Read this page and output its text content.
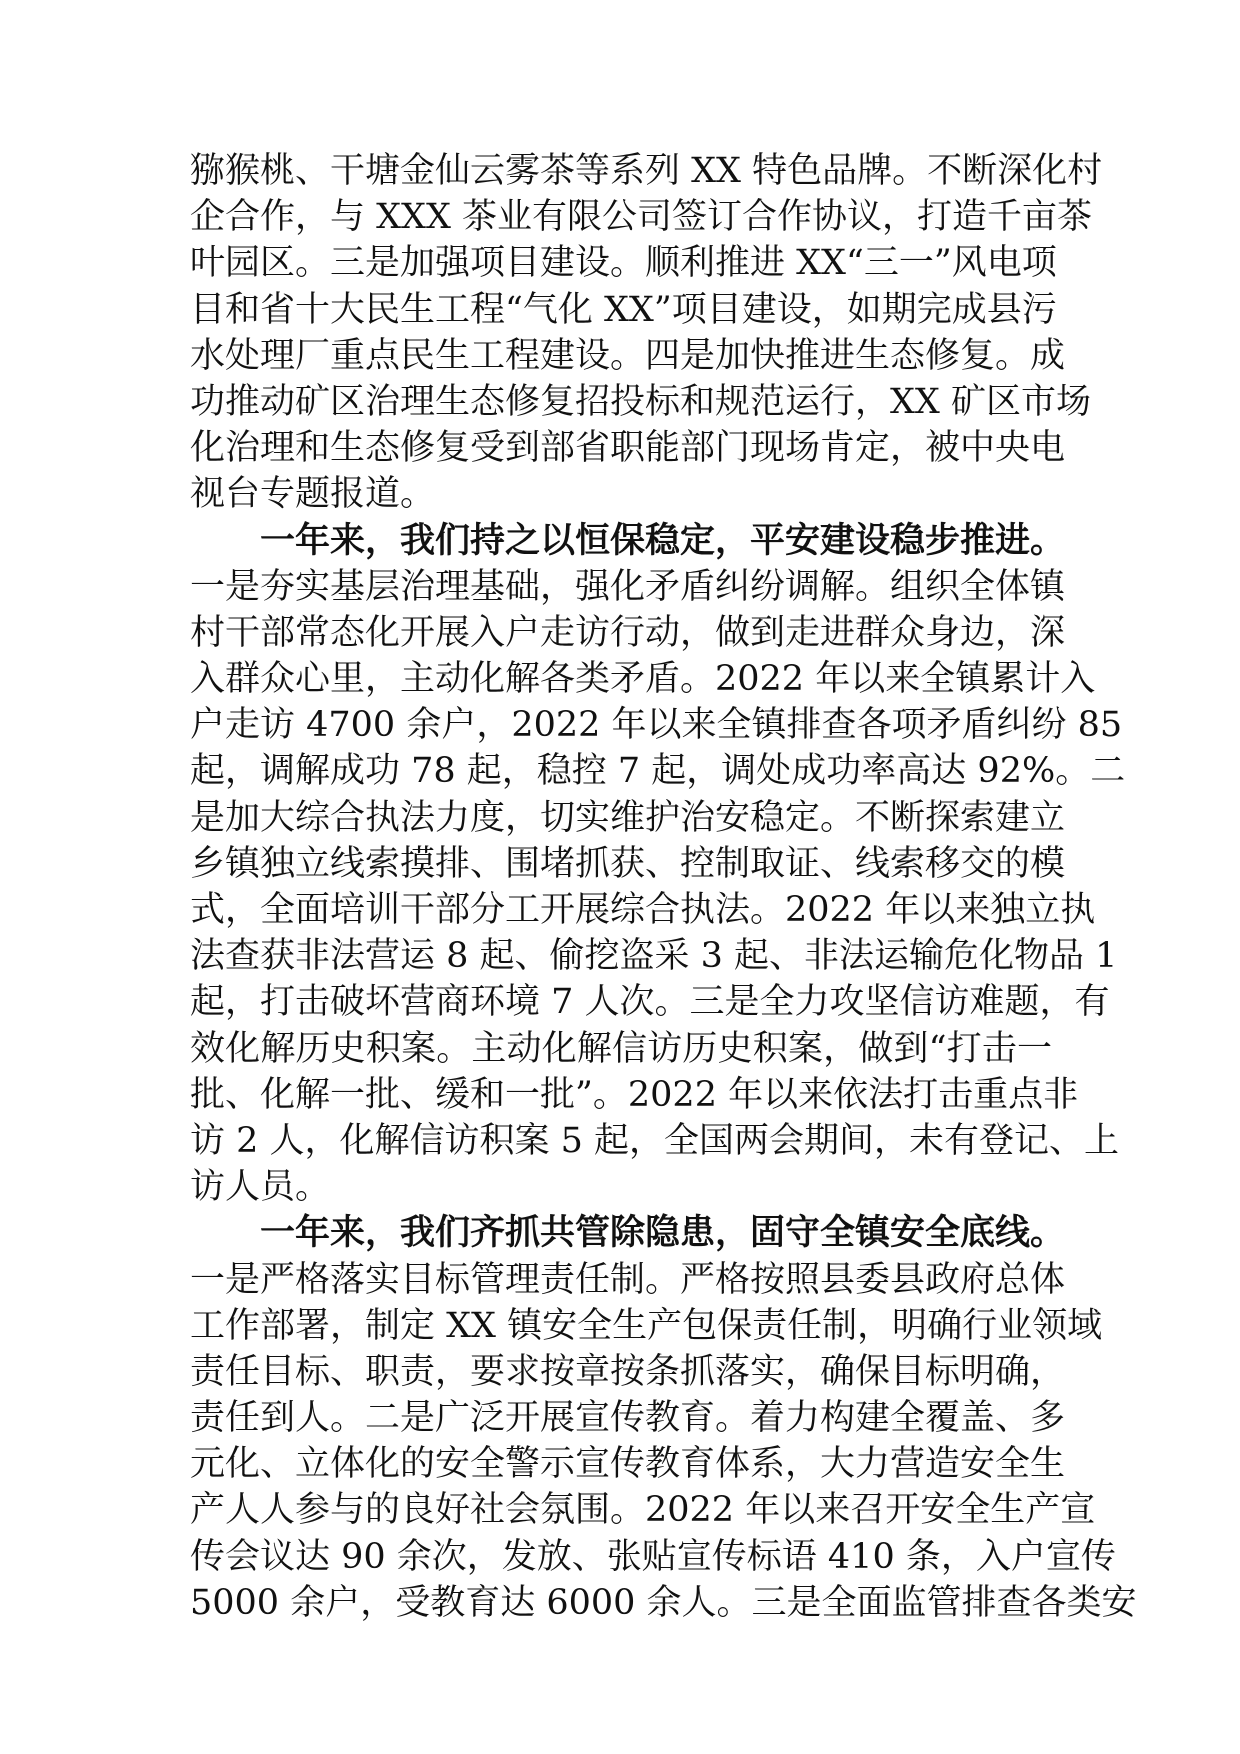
猕猴桃、干塘金仙云雾茶等系列 XX 特色品牌。不断深化村
企合作，与 XXX 茶业有限公司签订合作协议，打造千亩茶
叶园区。三是加强项目建设。顺利推进 XX“三一”风电项
目和省十大民生工程“气化 XX”项目建设，如期完成县污
水处理厂重点民生工程建设。四是加快推进生态修复。成
功推动矿区治理生态修复招投标和规范运行，XX 矿区市场
化治理和生态修复受到部省职能部门现场肯定，被中央电
视台专题报道。
一年来，我们持之以恒保稳定，平安建设稳步推进。
一是夯实基层治理基础，强化矛盾纠纷调解。组织全体镇
村干部常态化开展入户走访行动，做到走进群众身边，深
入群众心里，主动化解各类矛盾。2022 年以来全镇累计入
户走访 4700 余户，2022 年以来全镇排查各项矛盾纠纷 85
起，调解成功 78 起，稳控 7 起，调处成功率高达 92%。二
是加大综合执法力度，切实维护治安稳定。不断探索建立
乡镇独立线索摸排、围堵抓获、控制取证、线索移交的模
式，全面培训干部分工开展综合执法。2022 年以来独立执
法查获非法营运 8 起、偷挖盗采 3 起、非法运输危化物品 1
起，打击破坏营商环境 7 人次。三是全力攻坚信访难题，有
效化解历史积案。主动化解信访历史积案，做到“打击一
批、化解一批、缓和一批”。2022 年以来依法打击重点非
访 2 人，化解信访积案 5 起，全国两会期间，未有登记、上
访人员。
一年来，我们齐抓共管除隐患，固守全镇安全底线。
一是严格落实目标管理责任制。严格按照县委县政府总体
工作部署，制定 XX 镇安全生产包保责任制，明确行业领域
责任目标、职责，要求按章按条抓落实，确保目标明确，
责任到人。二是广泛开展宣传教育。着力构建全覆盖、多
元化、立体化的安全警示宣传教育体系，大力营造安全生
产人人参与的良好社会氛围。2022 年以来召开安全生产宣
传会议达 90 余次，发放、张贴宣传标语 410 条，入户宣传
5000 余户，受教育达 6000 余人。三是全面监管排查各类安
